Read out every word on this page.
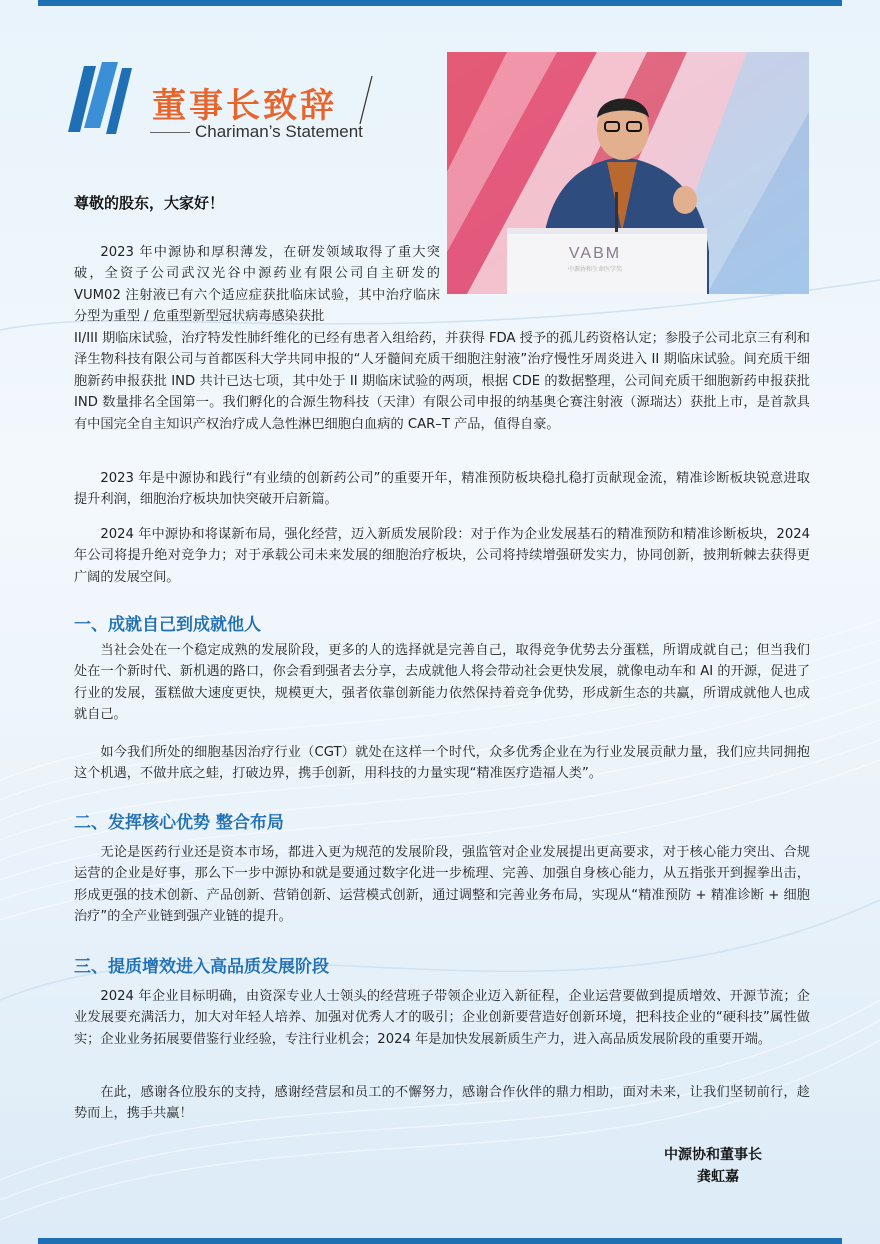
董事长致辞
Chariman’s Statement
VABM
中源协和生命医学奖
尊敬的股东，大家好！

2023 年中源协和厚积薄发，在研发领域取得了重大突破，全资子公司武汉光谷中源药业有限公司自主研发的 VUM02 注射液已有六个适应症获批临床试验，其中治疗临床分型为重型 / 危重型新型冠状病毒感染获批

II/III 期临床试验，治疗特发性肺纤维化的已经有患者入组给药，并获得 FDA 授予的孤儿药资格认定；参股子公司北京三有利和泽生物科技有限公司与首都医科大学共同申报的“人牙髓间充质干细胞注射液”治疗慢性牙周炎进入 II 期临床试验。间充质干细胞新药申报获批 IND 共计已达七项，其中处于 II 期临床试验的两项，根据 CDE 的数据整理，公司间充质干细胞新药申报获批 IND 数量排名全国第一。我们孵化的合源生物科技（天津）有限公司申报的纳基奥仑赛注射液（源瑞达）获批上市，是首款具有中国完全自主知识产权治疗成人急性淋巴细胞白血病的 CAR–T 产品，值得自豪。

2023 年是中源协和践行“有业绩的创新药公司”的重要开年，精准预防板块稳扎稳打贡献现金流，精准诊断板块锐意进取提升利润，细胞治疗板块加快突破开启新篇。

2024 年中源协和将谋新布局，强化经营，迈入新质发展阶段：对于作为企业发展基石的精准预防和精准诊断板块，2024 年公司将提升绝对竞争力；对于承载公司未来发展的细胞治疗板块，公司将持续增强研发实力，协同创新，披荆斩棘去获得更广阔的发展空间。

一、成就自己到成就他人

当社会处在一个稳定成熟的发展阶段，更多的人的选择就是完善自己，取得竞争优势去分蛋糕，所谓成就自己；但当我们处在一个新时代、新机遇的路口，你会看到强者去分享，去成就他人将会带动社会更快发展，就像电动车和 AI 的开源，促进了行业的发展，蛋糕做大速度更快，规模更大，强者依靠创新能力依然保持着竞争优势，形成新生态的共赢，所谓成就他人也成就自己。

如今我们所处的细胞基因治疗行业（CGT）就处在这样一个时代，众多优秀企业在为行业发展贡献力量，我们应共同拥抱这个机遇，不做井底之蛙，打破边界，携手创新，用科技的力量实现“精准医疗造福人类”。

二、发挥核心优势 整合布局

无论是医药行业还是资本市场，都进入更为规范的发展阶段，强监管对企业发展提出更高要求，对于核心能力突出、合规运营的企业是好事，那么下一步中源协和就是要通过数字化进一步梳理、完善、加强自身核心能力，从五指张开到握拳出击，形成更强的技术创新、产品创新、营销创新、运营模式创新，通过调整和完善业务布局，实现从“精准预防 + 精准诊断 + 细胞治疗”的全产业链到强产业链的提升。

三、提质增效进入高品质发展阶段

2024 年企业目标明确，由资深专业人士领头的经营班子带领企业迈入新征程，企业运营要做到提质增效、开源节流；企业发展要充满活力，加大对年轻人培养、加强对优秀人才的吸引；企业创新要营造好创新环境，把科技企业的“硬科技”属性做实；企业业务拓展要借鉴行业经验，专注行业机会；2024 年是加快发展新质生产力，进入高品质发展阶段的重要开端。

在此，感谢各位股东的支持，感谢经营层和员工的不懈努力，感谢合作伙伴的鼎力相助，面对未来，让我们坚韧前行，趁势而上，携手共赢！

中源协和董事长
龚虹嘉
